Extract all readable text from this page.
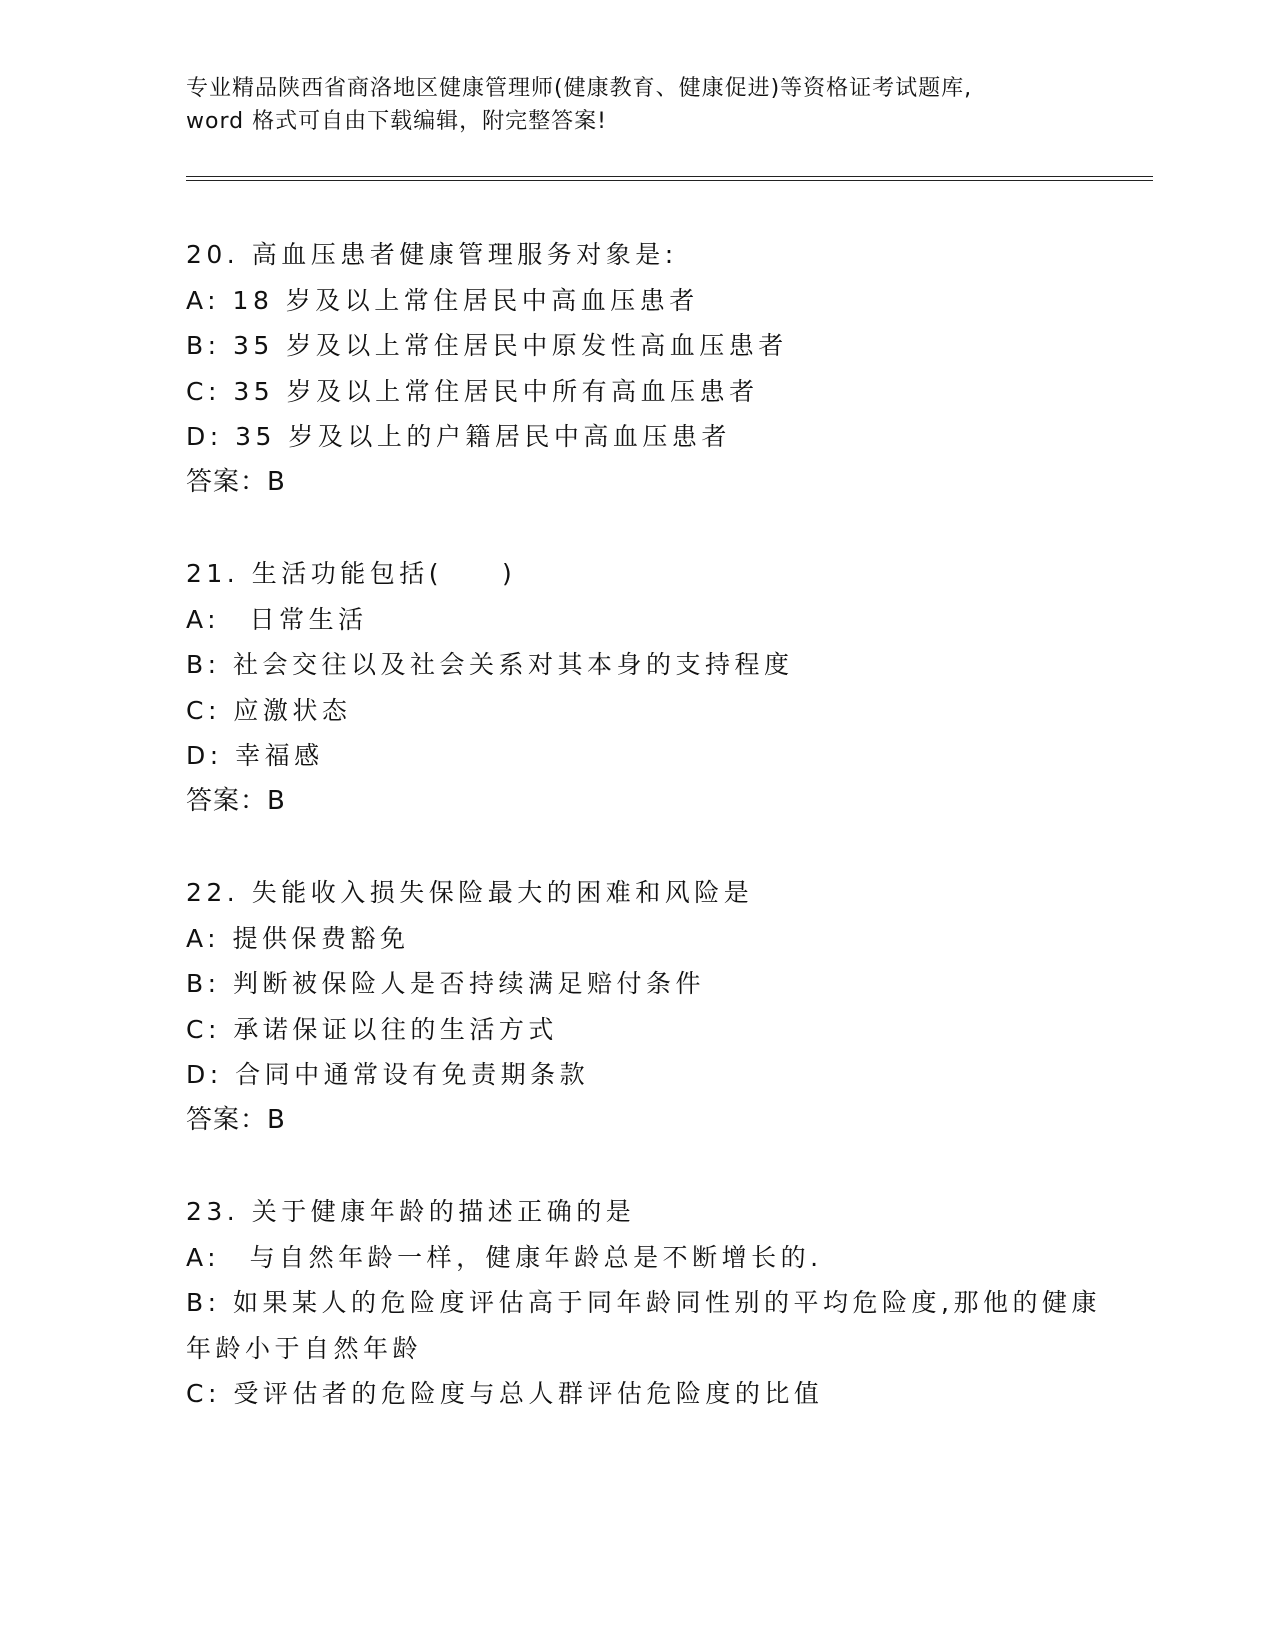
专业精品陕西省商洛地区健康管理师(健康教育、健康促进)等资格证考试题库,
word 格式可自由下载编辑，附完整答案!
20. 高血压患者健康管理服务对象是:
A: 18 岁及以上常住居民中高血压患者
B: 35 岁及以上常住居民中原发性高血压患者
C: 35 岁及以上常住居民中所有高血压患者
D: 35 岁及以上的户籍居民中高血压患者
答案：B
21. 生活功能包括(　　)
A:　日常生活
B: 社会交往以及社会关系对其本身的支持程度
C: 应激状态
D: 幸福感
答案：B
22. 失能收入损失保险最大的困难和风险是
A: 提供保费豁免
B: 判断被保险人是否持续满足赔付条件
C: 承诺保证以往的生活方式
D: 合同中通常设有免责期条款
答案：B
23. 关于健康年龄的描述正确的是
A:　与自然年龄一样，健康年龄总是不断增长的.
B: 如果某人的危险度评估高于同年龄同性别的平均危险度,那他的健康年龄小于自然年龄
C: 受评估者的危险度与总人群评估危险度的比值
